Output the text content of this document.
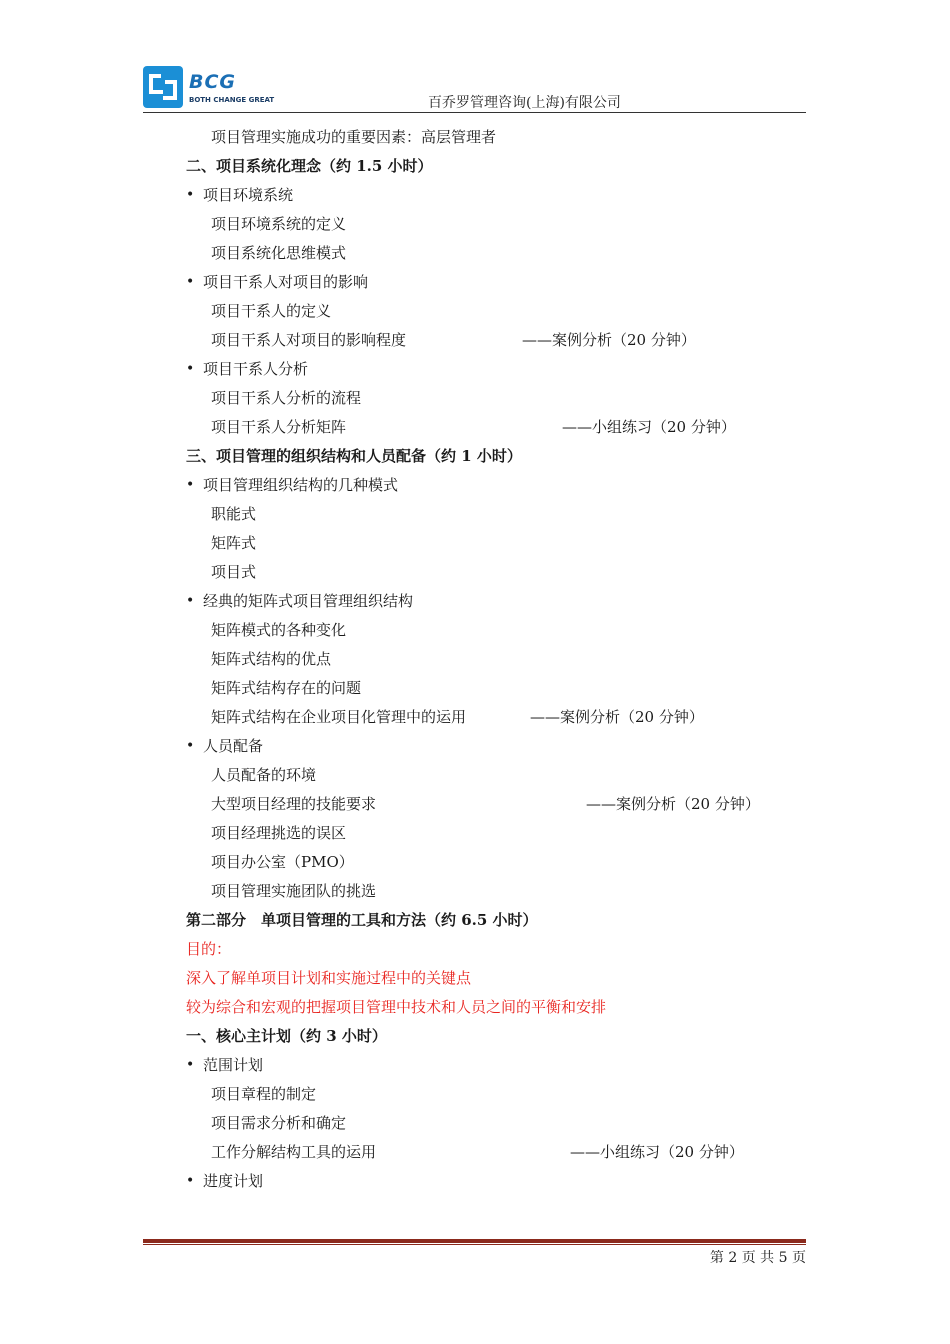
BCG
BOTH CHANGE GREAT	百乔罗管理咨询(上海)有限公司
项目管理实施成功的重要因素：高层管理者
二、项目系统化理念（约 1.5 小时）
• 项目环境系统
项目环境系统的定义
项目系统化思维模式
• 项目干系人对项目的影响
项目干系人的定义
项目干系人对项目的影响程度	——案例分析（20 分钟）
• 项目干系人分析
项目干系人分析的流程
项目干系人分析矩阵	——小组练习（20 分钟）
三、项目管理的组织结构和人员配备（约 1 小时）
• 项目管理组织结构的几种模式
职能式
矩阵式
项目式
• 经典的矩阵式项目管理组织结构
矩阵模式的各种变化
矩阵式结构的优点
矩阵式结构存在的问题
矩阵式结构在企业项目化管理中的运用	——案例分析（20 分钟）
• 人员配备
人员配备的环境
大型项目经理的技能要求	——案例分析（20 分钟）
项目经理挑选的误区
项目办公室（PMO）
项目管理实施团队的挑选
第二部分　单项目管理的工具和方法（约 6.5 小时）
目的：
深入了解单项目计划和实施过程中的关键点
较为综合和宏观的把握项目管理中技术和人员之间的平衡和安排
一、核心主计划（约 3 小时）
• 范围计划
项目章程的制定
项目需求分析和确定
工作分解结构工具的运用	——小组练习（20 分钟）
• 进度计划
第 2 页 共 5 页
